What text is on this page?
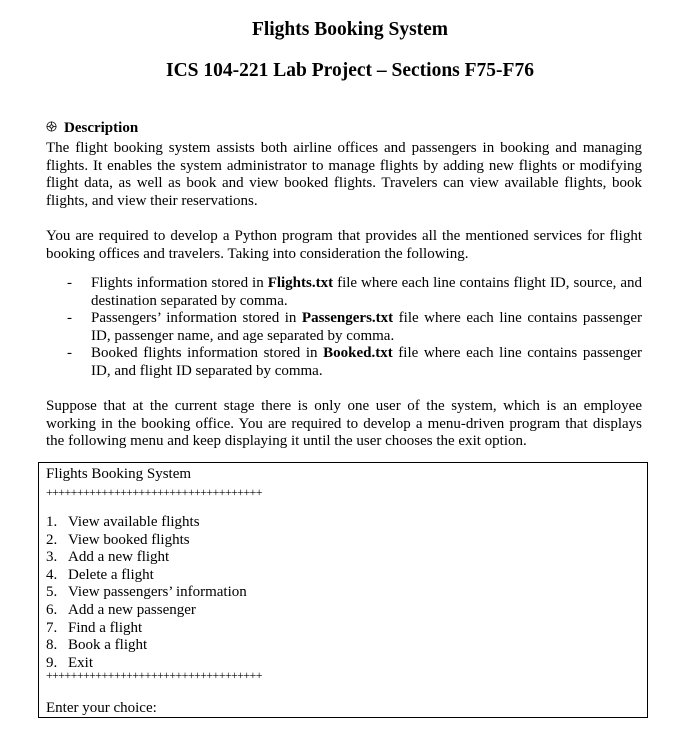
Flights Booking System
ICS 104-221 Lab Project – Sections F75-F76
Description
The flight booking system assists both airline offices and passengers in booking and managing flights. It enables the system administrator to manage flights by adding new flights or modifying flight data, as well as book and view booked flights. Travelers can view available flights, book flights, and view their reservations.
You are required to develop a Python program that provides all the mentioned services for flight booking offices and travelers. Taking into consideration the following.
- Flights information stored in Flights.txt file where each line contains flight ID, source, and destination separated by comma.
- Passengers’ information stored in Passengers.txt file where each line contains passenger ID, passenger name, and age separated by comma.
- Booked flights information stored in Booked.txt file where each line contains passenger ID, and flight ID separated by comma.
Suppose that at the current stage there is only one user of the system, which is an employee working in the booking office. You are required to develop a menu-driven program that displays the following menu and keep displaying it until the user chooses the exit option.
Flights Booking System
+++++++++++++++++++++++++++++++++++
1. View available flights
2. View booked flights
3. Add a new flight
4. Delete a flight
5. View passengers’ information
6. Add a new passenger
7. Find a flight
8. Book a flight
9. Exit
+++++++++++++++++++++++++++++++++++
Enter your choice:
